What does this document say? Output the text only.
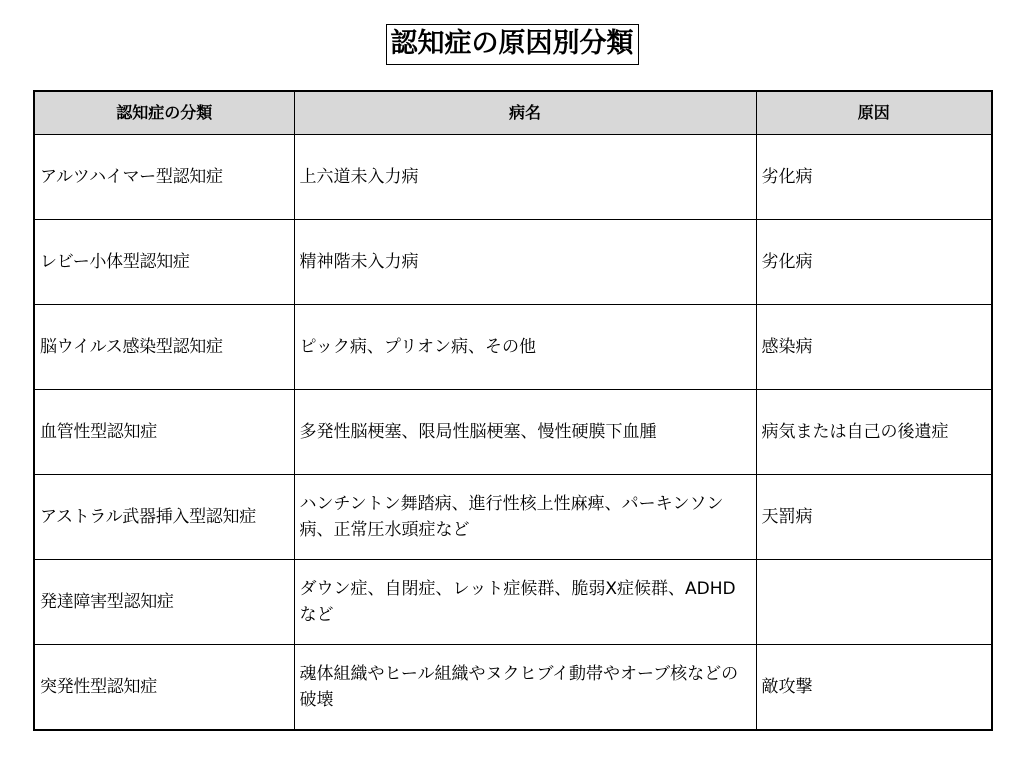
認知症の原因別分類
認知症の分類	病名	原因
アルツハイマー型認知症	上六道未入力病	劣化病
レビー小体型認知症	精神階未入力病	劣化病
脳ウイルス感染型認知症	ピック病、プリオン病、その他	感染病
血管性型認知症	多発性脳梗塞、限局性脳梗塞、慢性硬膜下血腫	病気または自己の後遺症
アストラル武器挿入型認知症	ハンチントン舞踏病、進行性核上性麻痺、パーキンソン病、正常圧水頭症など	天罰病
発達障害型認知症	ダウン症、自閉症、レット症候群、脆弱X症候群、ADHDなど	
突発性型認知症	魂体組織やヒール組織やヌクヒブイ動帯やオーブ核などの破壊	敵攻撃
